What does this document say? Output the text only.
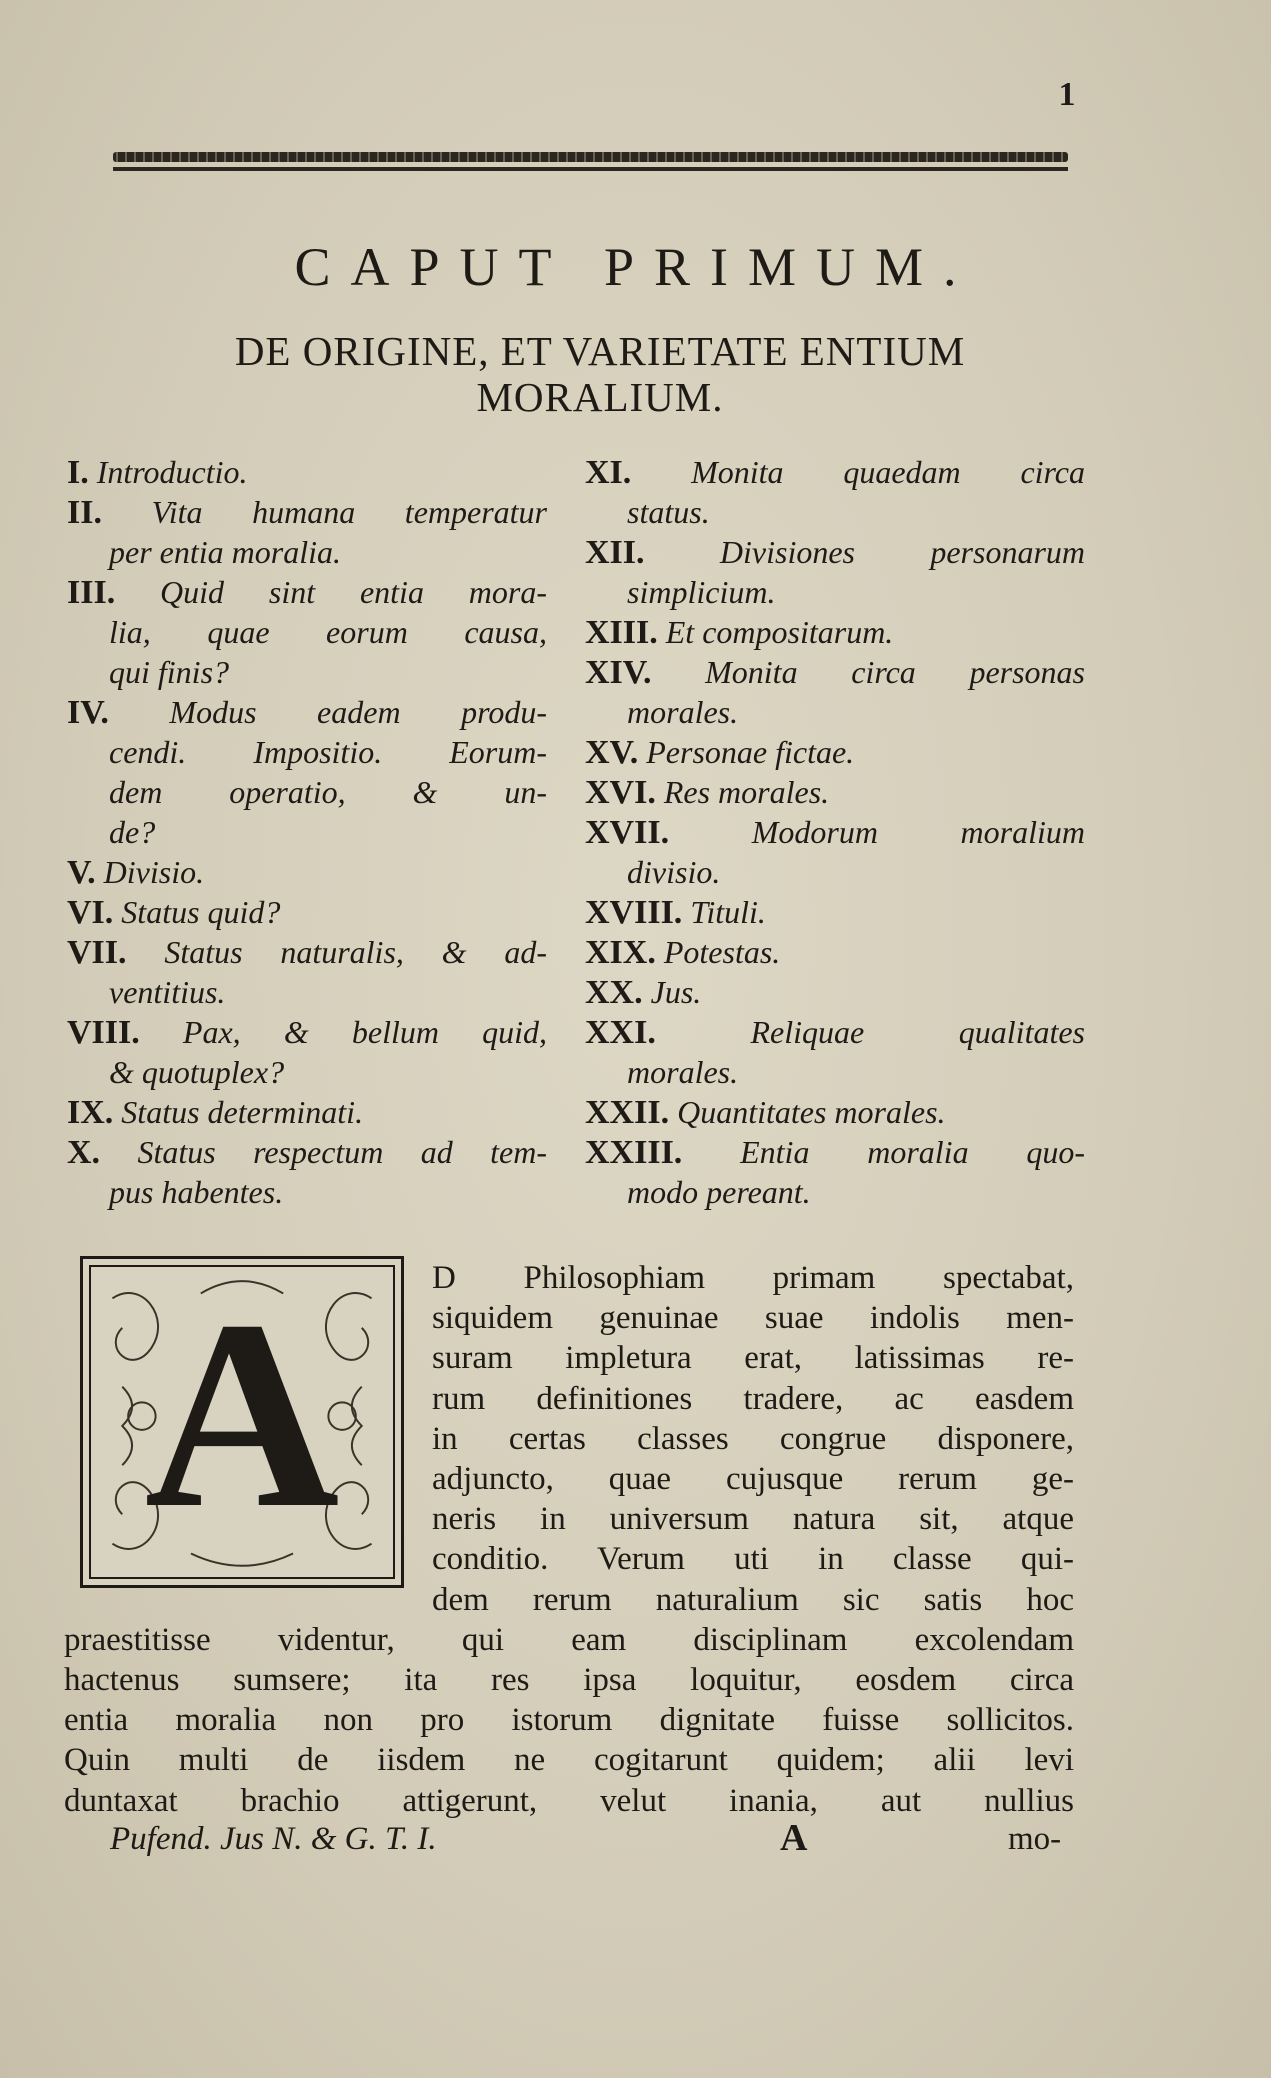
1
CAPUT PRIMUM.
DE ORIGINE, ET VARIETATE ENTIUM
MORALIUM.
I. Introductio.
II. Vita humana temperatur
per entia moralia.
III. Quid sint entia mora-
lia, quae eorum causa,
qui finis?
IV. Modus eadem produ-
cendi. Impositio. Eorum-
dem operatio, & un-
de?
V. Divisio.
VI. Status quid?
VII. Status naturalis, & ad-
ventitius.
VIII. Pax, & bellum quid,
& quotuplex?
IX. Status determinati.
X. Status respectum ad tem-
pus habentes.
XI. Monita quaedam circa
status.
XII. Divisiones personarum
simplicium.
XIII. Et compositarum.
XIV. Monita circa personas
morales.
XV. Personae fictae.
XVI. Res morales.
XVII.	Modorum moralium
divisio.
XVIII. Tituli.
XIX. Potestas.
XX. Jus.
XXI.	Reliquae qualitates
morales.
XXII. Quantitates morales.
XXIII. Entia moralia quo-
modo pereant.
A	D Philosophiam primam spectabat,
siquidem genuinae suae indolis men-
suram impletura erat, latissimas re-
rum definitiones tradere, ac easdem
in certas classes congrue disponere,
adjuncto, quae cujusque rerum ge-
neris in universum natura sit, atque
conditio. Verum uti in classe qui-
dem rerum naturalium sic satis hoc
praestitisse videntur, qui eam disciplinam excolendam
hactenus sumsere; ita res ipsa loquitur, eosdem circa
entia moralia non pro istorum dignitate fuisse sollicitos.
Quin multi de iisdem ne cogitarunt quidem; alii levi
duntaxat brachio attigerunt, velut inania, aut nullius
Pufend. Jus N. & G. T. I.	A	mo-
